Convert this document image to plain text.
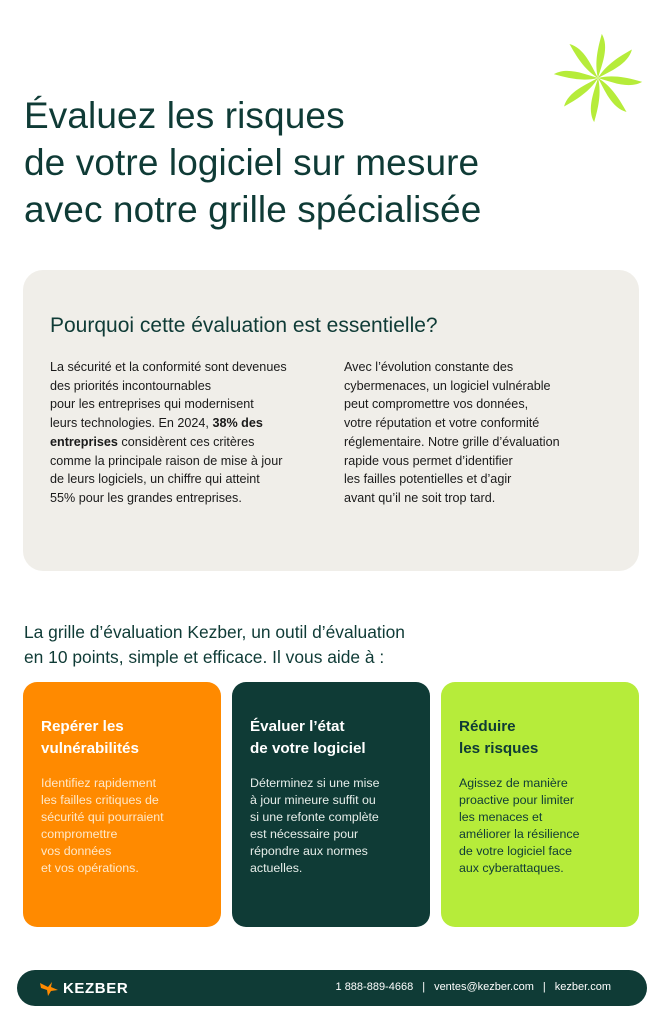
Évaluez les risques
de votre logiciel sur mesure
avec notre grille spécialisée
Pourquoi cette évaluation est essentielle?
La sécurité et la conformité sont devenues
des priorités incontournables
pour les entreprises qui modernisent
leurs technologies. En 2024, 38% des
entreprises considèrent ces critères
comme la principale raison de mise à jour
de leurs logiciels, un chiffre qui atteint
55% pour les grandes entreprises.
Avec l’évolution constante des
cybermenaces, un logiciel vulnérable
peut compromettre vos données,
votre réputation et votre conformité
réglementaire. Notre grille d’évaluation
rapide vous permet d’identifier
les failles potentielles et d’agir
avant qu’il ne soit trop tard.
La grille d’évaluation Kezber, un outil d’évaluation
en 10 points, simple et efficace. Il vous aide à :
Repérer les
vulnérabilités
Identifiez rapidement
les failles critiques de
sécurité qui pourraient
compromettre
vos données
et vos opérations.
Évaluer l’état
de votre logiciel
Déterminez si une mise
à jour mineure suffit ou
si une refonte complète
est nécessaire pour
répondre aux normes
actuelles.
Réduire
les risques
Agissez de manière
proactive pour limiter
les menaces et
améliorer la résilience
de votre logiciel face
aux cyberattaques.
KEZBER	1 888-889-4668 | ventes@kezber.com | kezber.com
